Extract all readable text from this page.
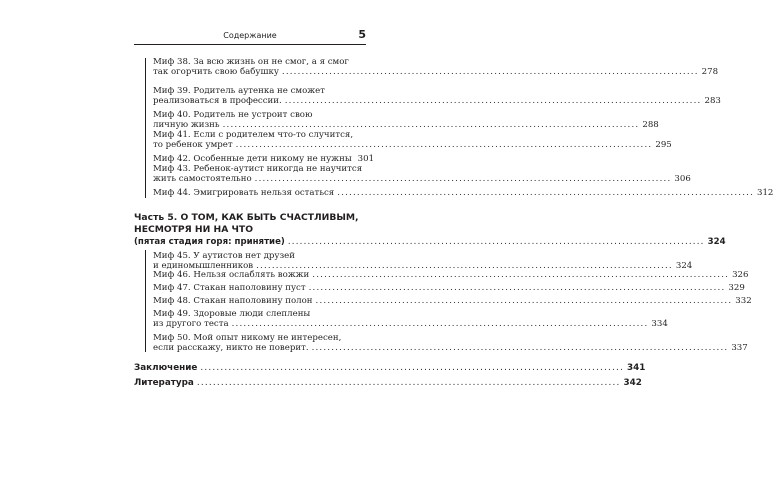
Содержание	5
Миф 38. За всю жизнь он не смог, а я смог
так огорчить свою бабушку .......................................................................................................... 278
Миф 39. Родитель аутенка не сможет
реализоваться в профессии. .......................................................................................................... 283
Миф 40. Родитель не устроит свою
личную жизнь .......................................................................................................... 288
Миф 41. Если с родителем что-то случится,
то ребенок умрет .......................................................................................................... 295
Миф 42. Особенные дети никому не нужны 301
Миф 43. Ребенок-аутист никогда не научится
жить самостоятельно .......................................................................................................... 306
Миф 44. Эмигрировать нельзя остаться .......................................................................................................... 312
Часть 5. О ТОМ, КАК БЫТЬ СЧАСТЛИВЫМ,
НЕСМОТРЯ НИ НА ЧТО
(пятая стадия горя: принятие) .......................................................................................................... 324
Миф 45. У аутистов нет друзей
и единомышленников .......................................................................................................... 324
Миф 46. Нельзя ослаблять вожжи .......................................................................................................... 326
Миф 47. Стакан наполовину пуст .......................................................................................................... 329
Миф 48. Стакан наполовину полон .......................................................................................................... 332
Миф 49. Здоровые люди слеплены
из другого теста .......................................................................................................... 334
Миф 50. Мой опыт никому не интересен,
если расскажу, никто не поверит. .......................................................................................................... 337
Заключение .......................................................................................................... 341
Литература .......................................................................................................... 342
